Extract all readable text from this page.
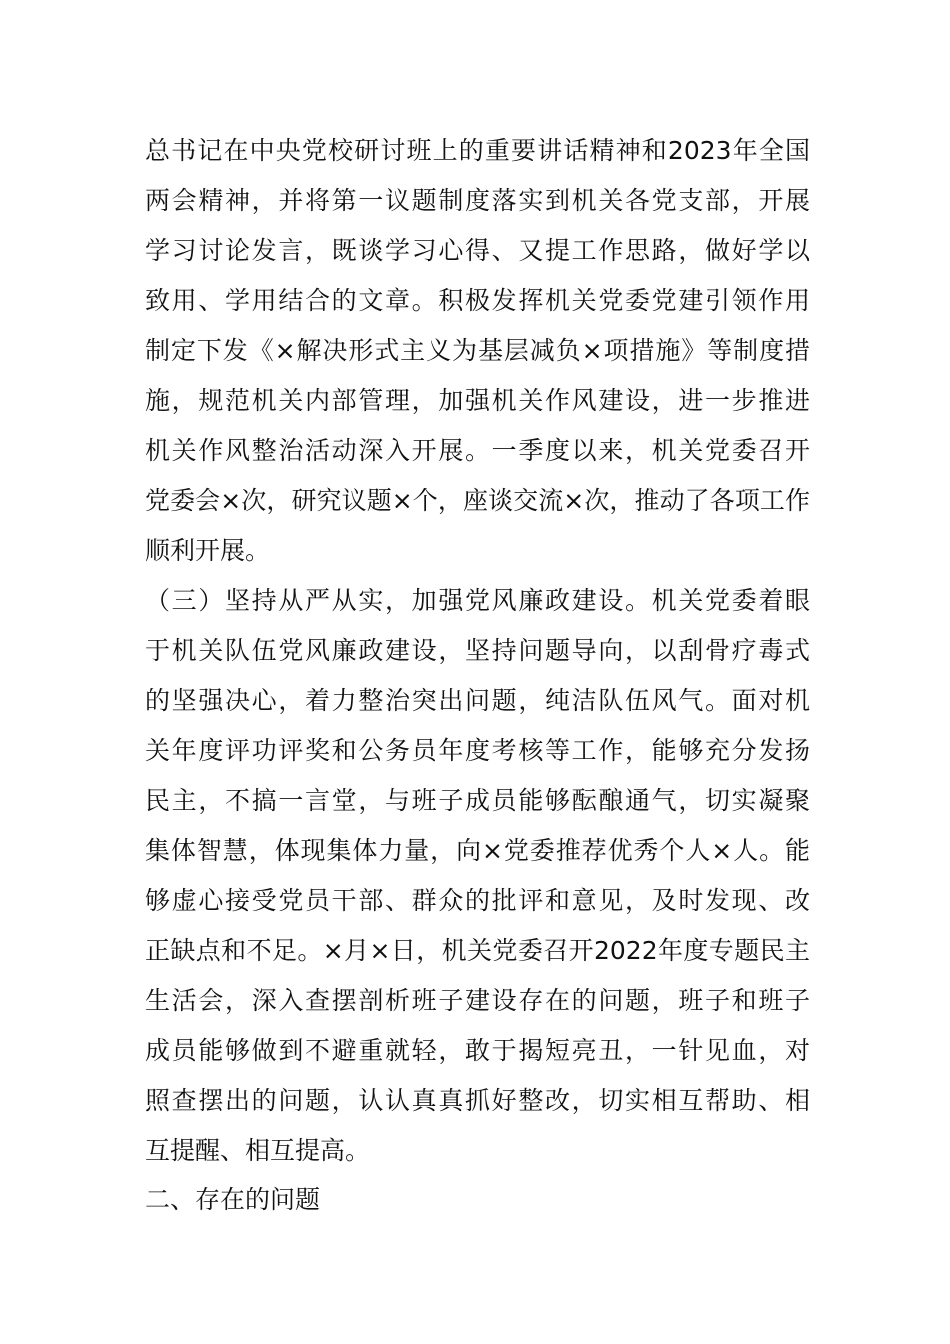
总书记在中央党校研讨班上的重要讲话精神和2023年全国
两会精神，并将第一议题制度落实到机关各党支部，开展
学习讨论发言，既谈学习心得、又提工作思路，做好学以
致用、学用结合的文章。积极发挥机关党委党建引领作用
制定下发《×解决形式主义为基层减负×项措施》等制度措
施，规范机关内部管理，加强机关作风建设，进一步推进
机关作风整治活动深入开展。一季度以来，机关党委召开
党委会×次，研究议题×个，座谈交流×次，推动了各项工作
顺利开展。
（三）坚持从严从实，加强党风廉政建设。机关党委着眼
于机关队伍党风廉政建设，坚持问题导向，以刮骨疗毒式
的坚强决心，着力整治突出问题，纯洁队伍风气。面对机
关年度评功评奖和公务员年度考核等工作，能够充分发扬
民主，不搞一言堂，与班子成员能够酝酿通气，切实凝聚
集体智慧，体现集体力量，向×党委推荐优秀个人×人。能
够虚心接受党员干部、群众的批评和意见，及时发现、改
正缺点和不足。×月×日，机关党委召开2022年度专题民主
生活会，深入查摆剖析班子建设存在的问题，班子和班子
成员能够做到不避重就轻，敢于揭短亮丑，一针见血，对
照查摆出的问题，认认真真抓好整改，切实相互帮助、相
互提醒、相互提高。
二、存在的问题
